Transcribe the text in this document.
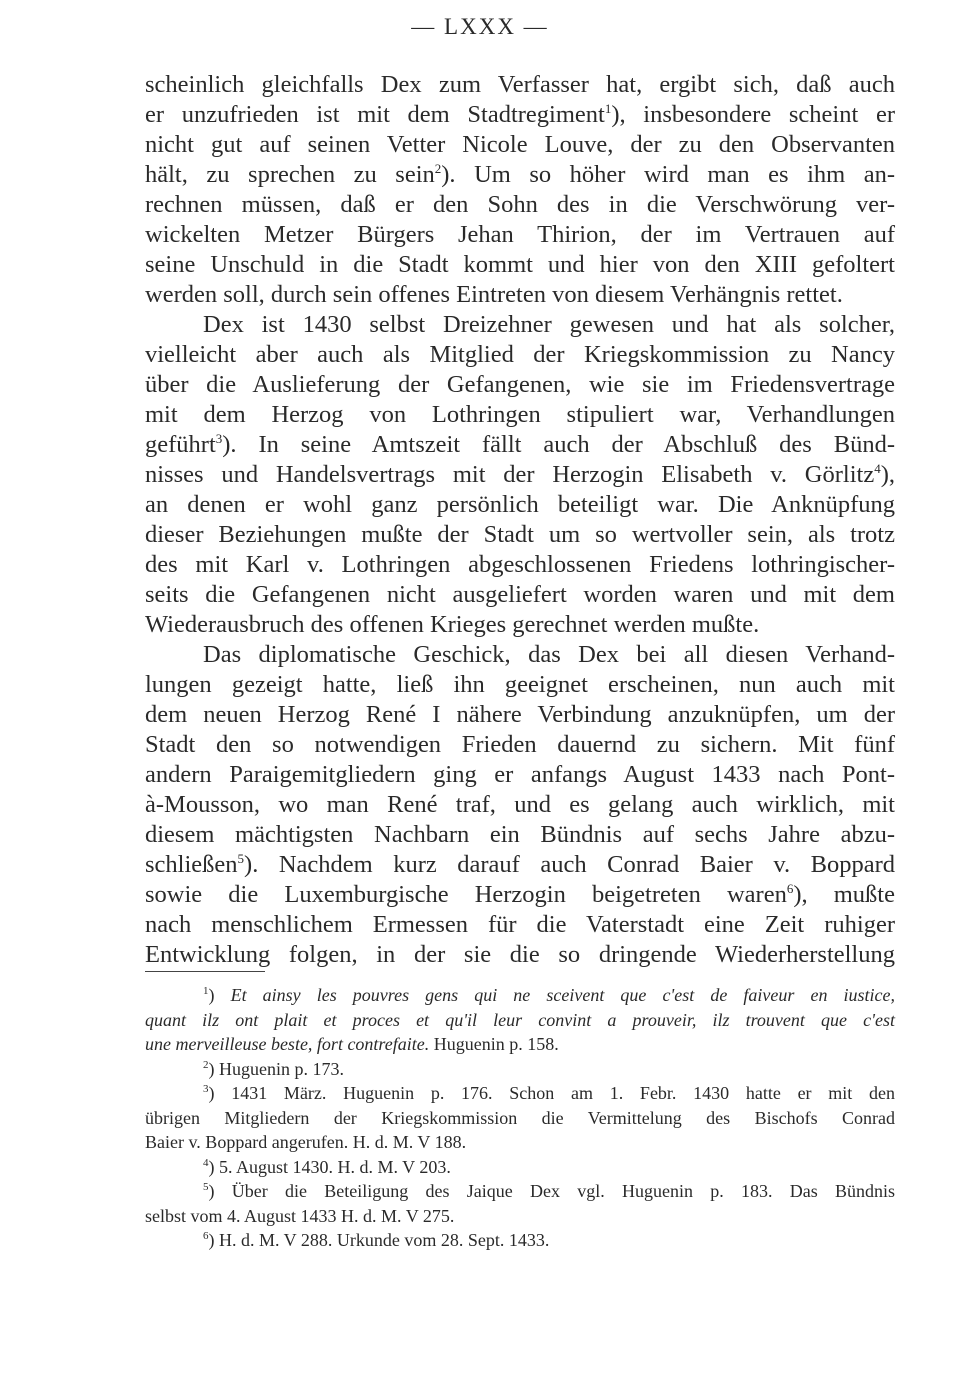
— LXXX —
scheinlich gleichfalls Dex zum Verfasser hat, ergibt sich, daß auch
er unzufrieden ist mit dem Stadtregiment$^1$), insbesondere scheint er
nicht gut auf seinen Vetter Nicole Louve, der zu den Observanten
hält, zu sprechen zu sein$^2$). Um so höher wird man es ihm an-
rechnen müssen, daß er den Sohn des in die Verschwörung ver-
wickelten Metzer Bürgers Jehan Thirion, der im Vertrauen auf
seine Unschuld in die Stadt kommt und hier von den XIII gefoltert
werden soll, durch sein offenes Eintreten von diesem Verhängnis rettet.
Dex ist 1430 selbst Dreizehner gewesen und hat als solcher,
vielleicht aber auch als Mitglied der Kriegskommission zu Nancy
über die Auslieferung der Gefangenen, wie sie im Friedensvertrage
mit dem Herzog von Lothringen stipuliert war, Verhandlungen
geführt$^3$). In seine Amtszeit fällt auch der Abschluß des Bünd-
nisses und Handelsvertrags mit der Herzogin Elisabeth v. Görlitz$^4$),
an denen er wohl ganz persönlich beteiligt war. Die Anknüpfung
dieser Beziehungen mußte der Stadt um so wertvoller sein, als trotz
des mit Karl v. Lothringen abgeschlossenen Friedens lothringischer-
seits die Gefangenen nicht ausgeliefert worden waren und mit dem
Wiederausbruch des offenen Krieges gerechnet werden mußte.
Das diplomatische Geschick, das Dex bei all diesen Verhand-
lungen gezeigt hatte, ließ ihn geeignet erscheinen, nun auch mit
dem neuen Herzog René I nähere Verbindung anzuknüpfen, um der
Stadt den so notwendigen Frieden dauernd zu sichern. Mit fünf
andern Paraigemitgliedern ging er anfangs August 1433 nach Pont-
à-Mousson, wo man René traf, und es gelang auch wirklich, mit
diesem mächtigsten Nachbarn ein Bündnis auf sechs Jahre abzu-
schließen$^5$). Nachdem kurz darauf auch Conrad Baier v. Boppard
sowie die Luxemburgische Herzogin beigetreten waren$^6$), mußte
nach menschlichem Ermessen für die Vaterstadt eine Zeit ruhiger
Entwicklung folgen, in der sie die so dringende Wiederherstellung
$^1$) Et ainsy les pouvres gens qui ne sceivent que c'est de faiveur en iustice,
quant ilz ont plait et proces et qu'il leur convint a prouveir, ilz trouvent que c'est
une merveilleuse beste, fort contrefaite. Huguenin p. 158.
$^2$) Huguenin p. 173.
$^3$) 1431 März. Huguenin p. 176. Schon am 1. Febr. 1430 hatte er mit den
übrigen Mitgliedern der Kriegskommission die Vermittelung des Bischofs Conrad
Baier v. Boppard angerufen. H. d. M. V 188.
$^4$) 5. August 1430. H. d. M. V 203.
$^5$) Über die Beteiligung des Jaique Dex vgl. Huguenin p. 183. Das Bündnis
selbst vom 4. August 1433 H. d. M. V 275.
$^6$) H. d. M. V 288. Urkunde vom 28. Sept. 1433.
